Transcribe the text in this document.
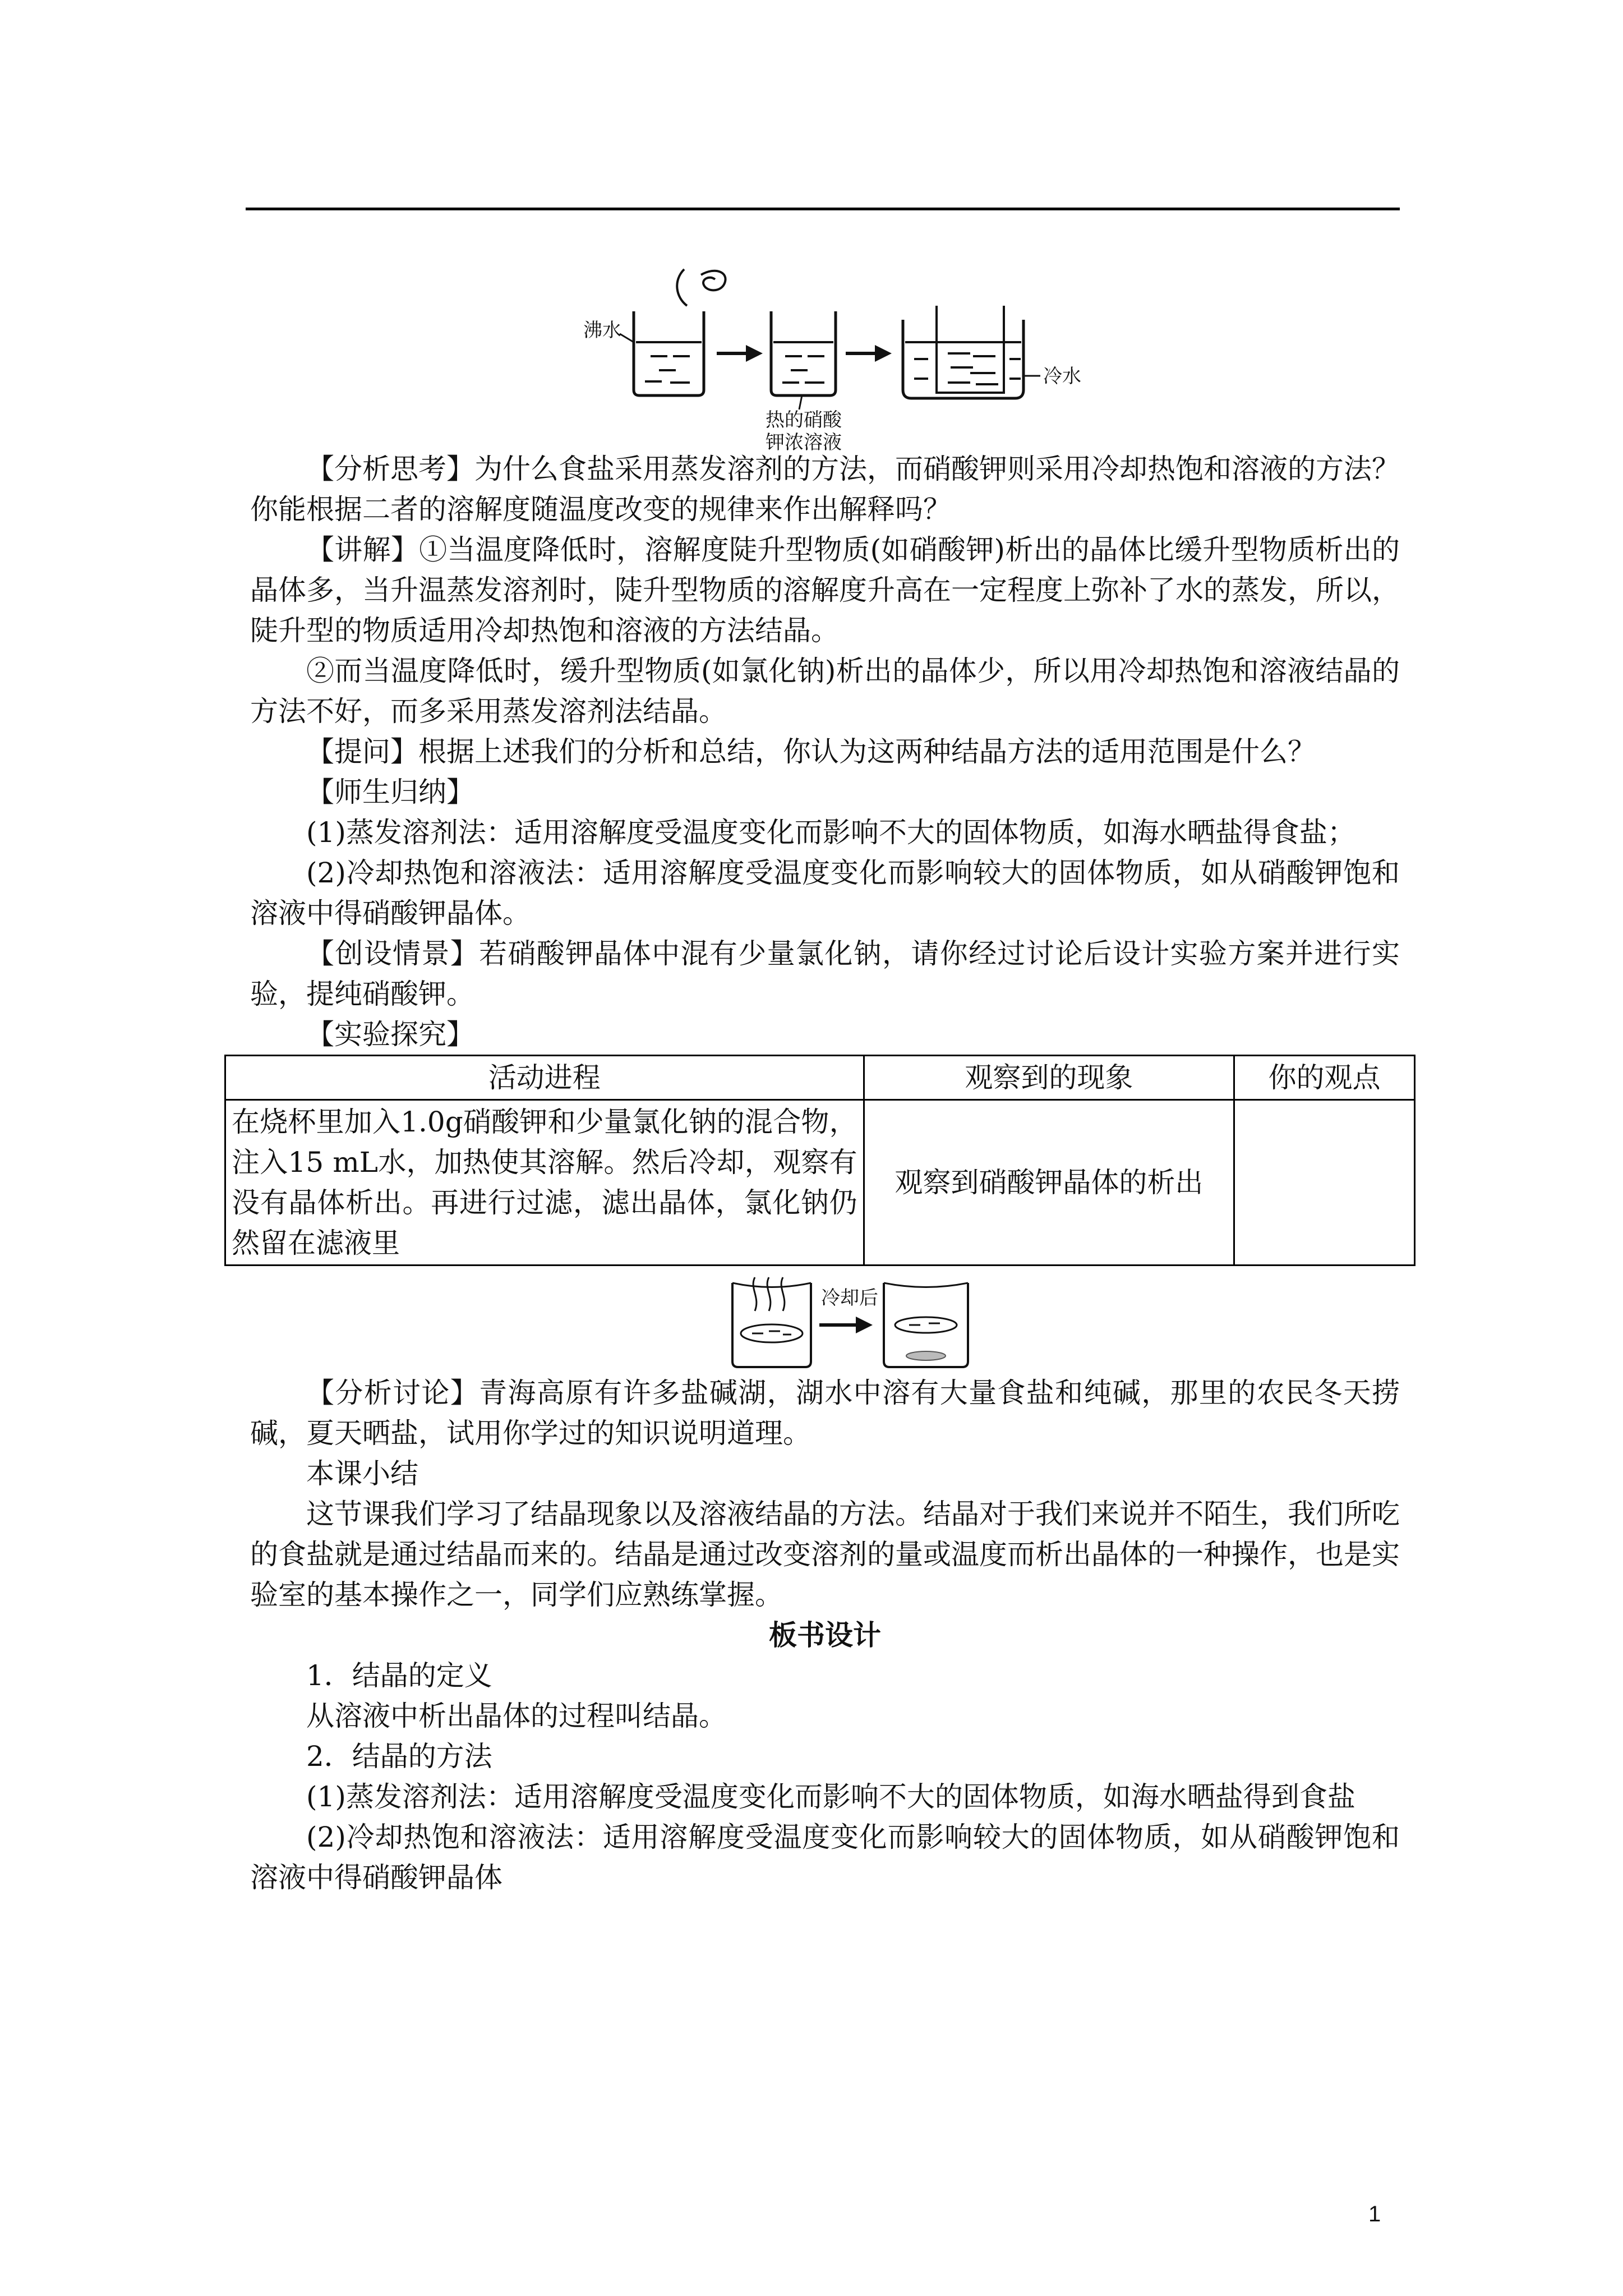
沸水
热的硝酸
钾浓溶液
冷水

【分析思考】为什么食盐采用蒸发溶剂的方法，而硝酸钾则采用冷却热饱和溶液的方法？你能根据二者的溶解度随温度改变的规律来作出解释吗？

【讲解】①当温度降低时，溶解度陡升型物质(如硝酸钾)析出的晶体比缓升型物质析出的晶体多，当升温蒸发溶剂时，陡升型物质的溶解度升高在一定程度上弥补了水的蒸发，所以，陡升型的物质适用冷却热饱和溶液的方法结晶。

②而当温度降低时，缓升型物质(如氯化钠)析出的晶体少，所以用冷却热饱和溶液结晶的方法不好，而多采用蒸发溶剂法结晶。

【提问】根据上述我们的分析和总结，你认为这两种结晶方法的适用范围是什么？

【师生归纳】

(1)蒸发溶剂法：适用溶解度受温度变化而影响不大的固体物质，如海水晒盐得食盐；

(2)冷却热饱和溶液法：适用溶解度受温度变化而影响较大的固体物质，如从硝酸钾饱和溶液中得硝酸钾晶体。

【创设情景】若硝酸钾晶体中混有少量氯化钠，请你经过讨论后设计实验方案并进行实验，提纯硝酸钾。

【实验探究】

活动进程	观察到的现象	你的观点
在烧杯里加入1.0g硝酸钾和少量氯化钠的混合物，注入15 mL水，加热使其溶解。然后冷却，观察有没有晶体析出。再进行过滤，滤出晶体，氯化钠仍然留在滤液里	观察到硝酸钾晶体的析出	
冷却后

【分析讨论】青海高原有许多盐碱湖，湖水中溶有大量食盐和纯碱，那里的农民冬天捞碱，夏天晒盐，试用你学过的知识说明道理。

本课小结

这节课我们学习了结晶现象以及溶液结晶的方法。结晶对于我们来说并不陌生，我们所吃的食盐就是通过结晶而来的。结晶是通过改变溶剂的量或温度而析出晶体的一种操作，也是实验室的基本操作之一，同学们应熟练掌握。

板书设计

1．结晶的定义

从溶液中析出晶体的过程叫结晶。

2．结晶的方法

(1)蒸发溶剂法：适用溶解度受温度变化而影响不大的固体物质，如海水晒盐得到食盐

(2)冷却热饱和溶液法：适用溶解度受温度变化而影响较大的固体物质，如从硝酸钾饱和溶液中得硝酸钾晶体

1
